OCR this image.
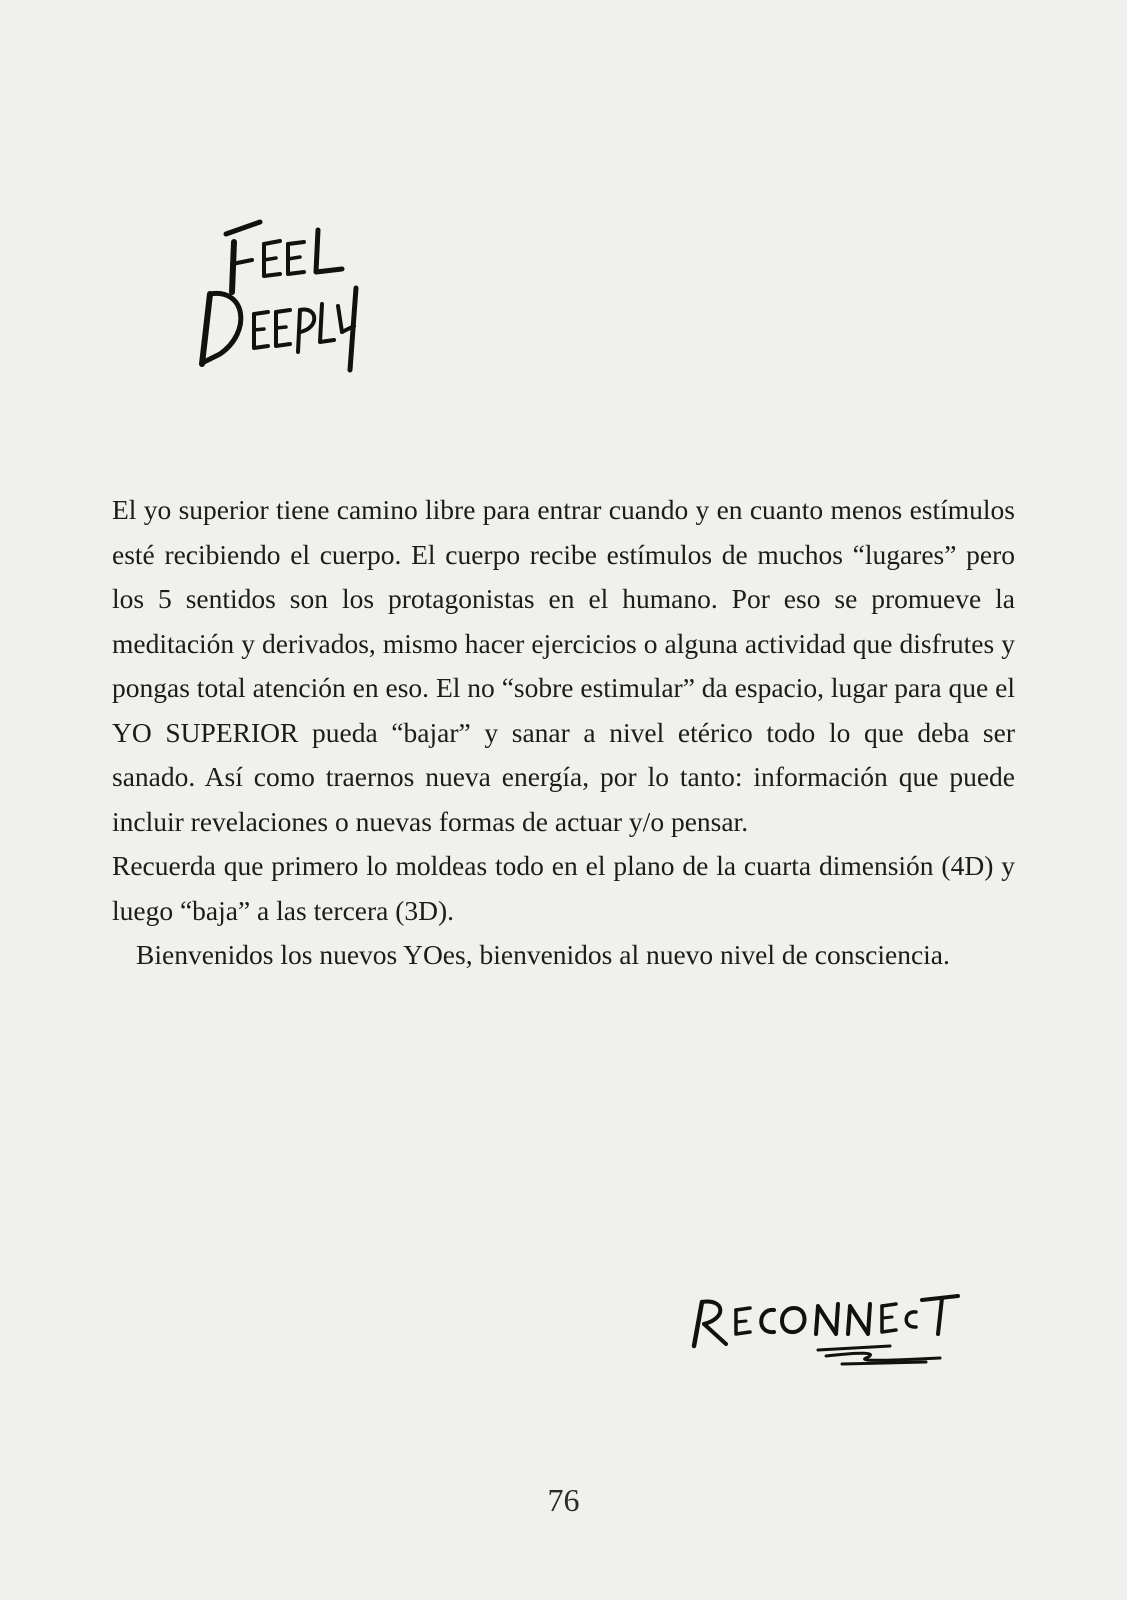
El yo superior tiene camino libre para entrar cuando y en cuanto menos estímulos esté recibiendo el cuerpo. El cuerpo recibe estímulos de muchos “lugares” pero los 5 sentidos son los protagonistas en el humano. Por eso se promueve la meditación y derivados, mismo hacer ejercicios o alguna actividad que disfrutes y pongas total atención en eso. El no “sobre estimular” da espacio, lugar para que el YO SUPERIOR pueda “bajar” y sanar a nivel etérico todo lo que deba ser sanado. Así como traernos nueva energía, por lo tanto: información que puede incluir revelaciones o nuevas formas de actuar y/o pensar.

Recuerda que primero lo moldeas todo en el plano de la cuarta dimensión (4D) y luego “baja” a las tercera (3D).

Bienvenidos los nuevos YOes, bienvenidos al nuevo nivel de consciencia.

76
